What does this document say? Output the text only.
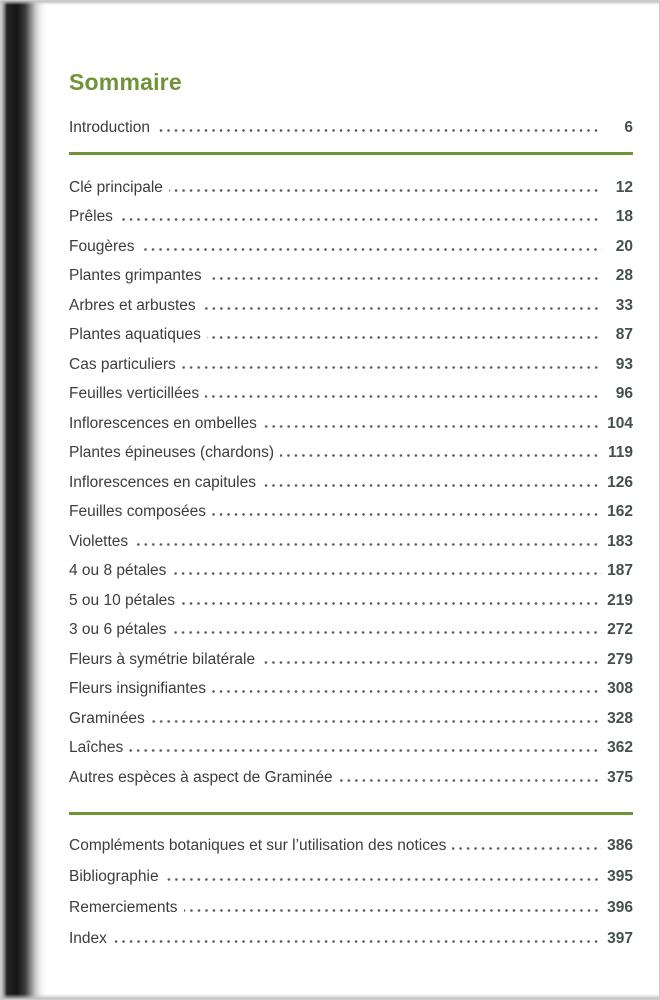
Sommaire
Introduction	6
Clé principale	12
Prêles	18
Fougères	20
Plantes grimpantes	28
Arbres et arbustes	33
Plantes aquatiques	87
Cas particuliers	93
Feuilles verticillées	96
Inflorescences en ombelles	104
Plantes épineuses (chardons)	119
Inflorescences en capitules	126
Feuilles composées	162
Violettes	183
4 ou 8 pétales	187
5 ou 10 pétales	219
3 ou 6 pétales	272
Fleurs à symétrie bilatérale	279
Fleurs insignifiantes	308
Graminées	328
Laîches	362
Autres espèces à aspect de Graminée	375
Compléments botaniques et sur l’utilisation des notices	386
Bibliographie	395
Remerciements	396
Index	397
